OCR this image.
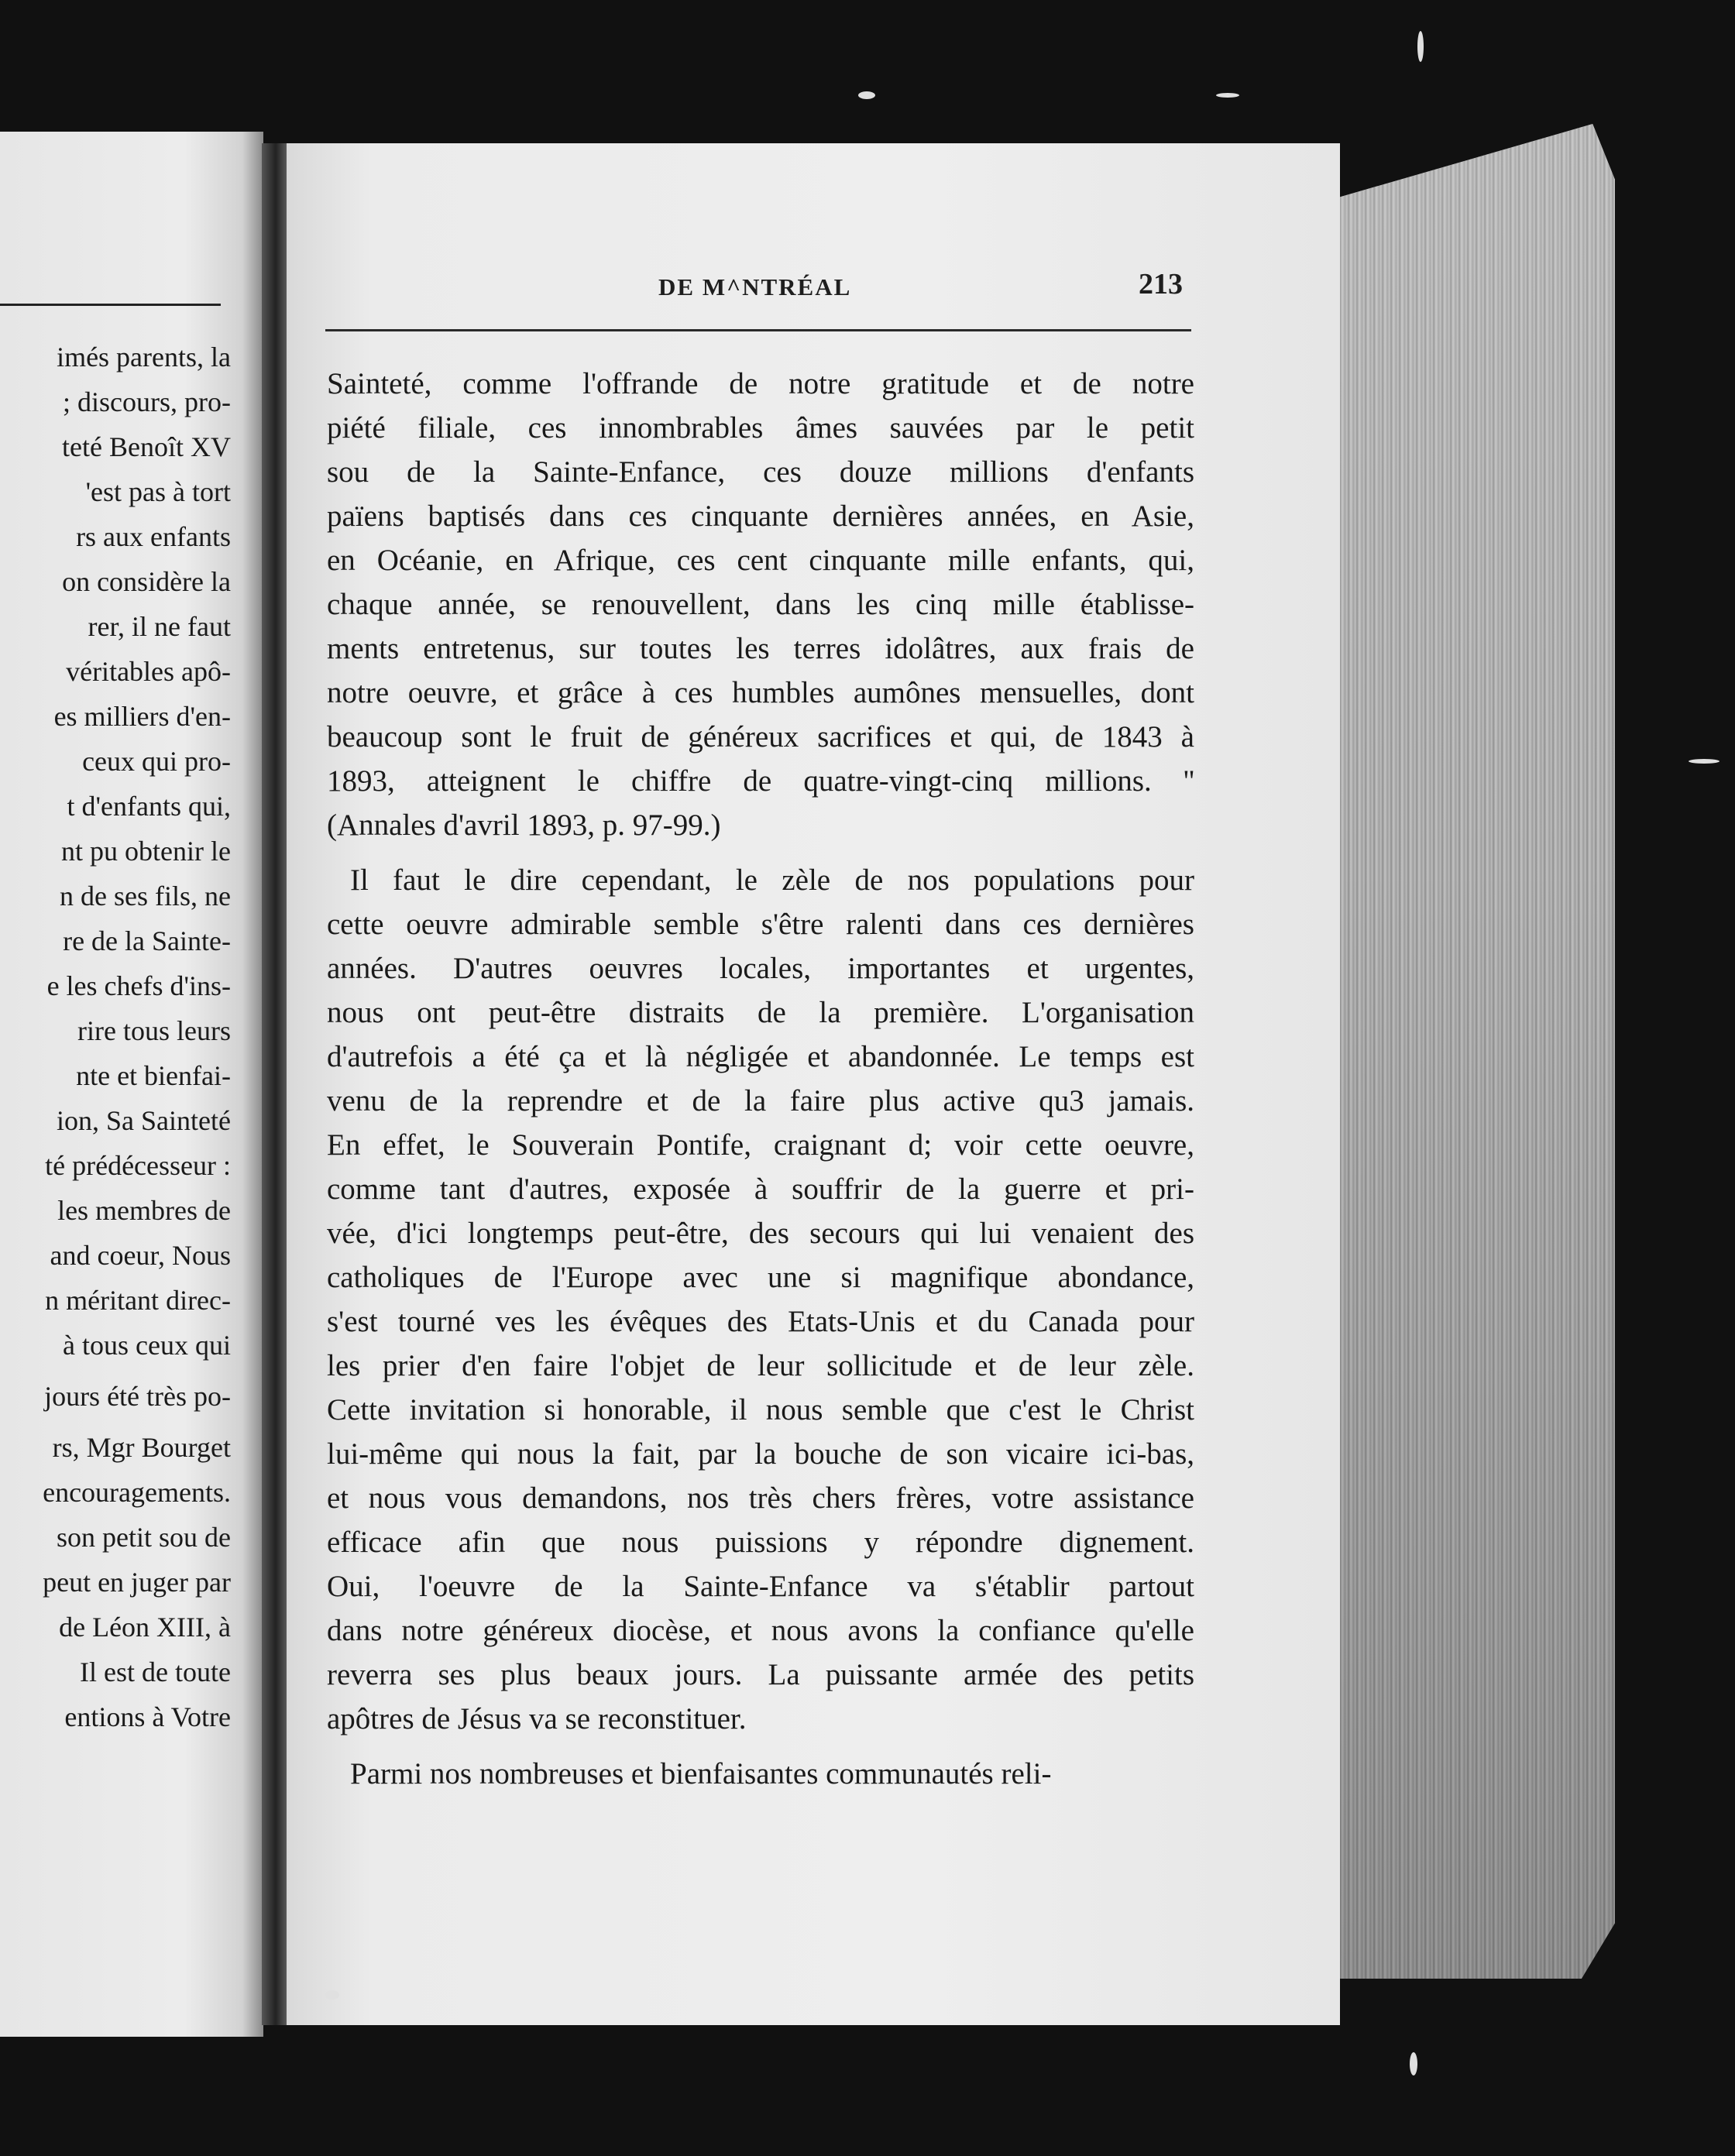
imés parents, la
; discours, pro-
teté Benoît XV
'est pas à tort
rs aux enfants
on considère la
rer, il ne faut
véritables apô-
es milliers d'en-
ceux qui pro-
t d'enfants qui,
nt pu obtenir le
n de ses fils, ne
re de la Sainte-
e les chefs d'ins-
rire tous leurs
nte et bienfai-
ion, Sa Sainteté
té prédécesseur :
les membres de
and coeur, Nous
n méritant direc-
à tous ceux qui
jours été très po-
rs, Mgr Bourget
encouragements.
son petit sou de
peut en juger par
de Léon XIII, à
Il est de toute
entions à Votre
DE M^NTRÉAL	213
Sainteté, comme l'offrande de notre gratitude et de notre
piété filiale, ces innombrables âmes sauvées par le petit
sou de la Sainte-Enfance, ces douze millions d'enfants
païens baptisés dans ces cinquante dernières années, en Asie,
en Océanie, en Afrique, ces cent cinquante mille enfants, qui,
chaque année, se renouvellent, dans les cinq mille établisse-
ments entretenus, sur toutes les terres idolâtres, aux frais de
notre oeuvre, et grâce à ces humbles aumônes mensuelles, dont
beaucoup sont le fruit de généreux sacrifices et qui, de 1843 à
1893, atteignent le chiffre de quatre-vingt-cinq millions. ''
(Annales d'avril 1893, p. 97-99.)
Il faut le dire cependant, le zèle de nos populations pour
cette oeuvre admirable semble s'être ralenti dans ces dernières
années. D'autres oeuvres locales, importantes et urgentes,
nous ont peut-être distraits de la première. L'organisation
d'autrefois a été ça et là négligée et abandonnée. Le temps est
venu de la reprendre et de la faire plus active qu3 jamais.
En effet, le Souverain Pontife, craignant d; voir cette oeuvre,
comme tant d'autres, exposée à souffrir de la guerre et pri-
vée, d'ici longtemps peut-être, des secours qui lui venaient des
catholiques de l'Europe avec une si magnifique abondance,
s'est tourné ves les évêques des Etats-Unis et du Canada pour
les prier d'en faire l'objet de leur sollicitude et de leur zèle.
Cette invitation si honorable, il nous semble que c'est le Christ
lui-même qui nous la fait, par la bouche de son vicaire ici-bas,
et nous vous demandons, nos très chers frères, votre assistance
efficace afin que nous puissions y répondre dignement.
Oui, l'oeuvre de la Sainte-Enfance va s'établir partout
dans notre généreux diocèse, et nous avons la confiance qu'elle
reverra ses plus beaux jours. La puissante armée des petits
apôtres de Jésus va se reconstituer.
Parmi nos nombreuses et bienfaisantes communautés reli-
